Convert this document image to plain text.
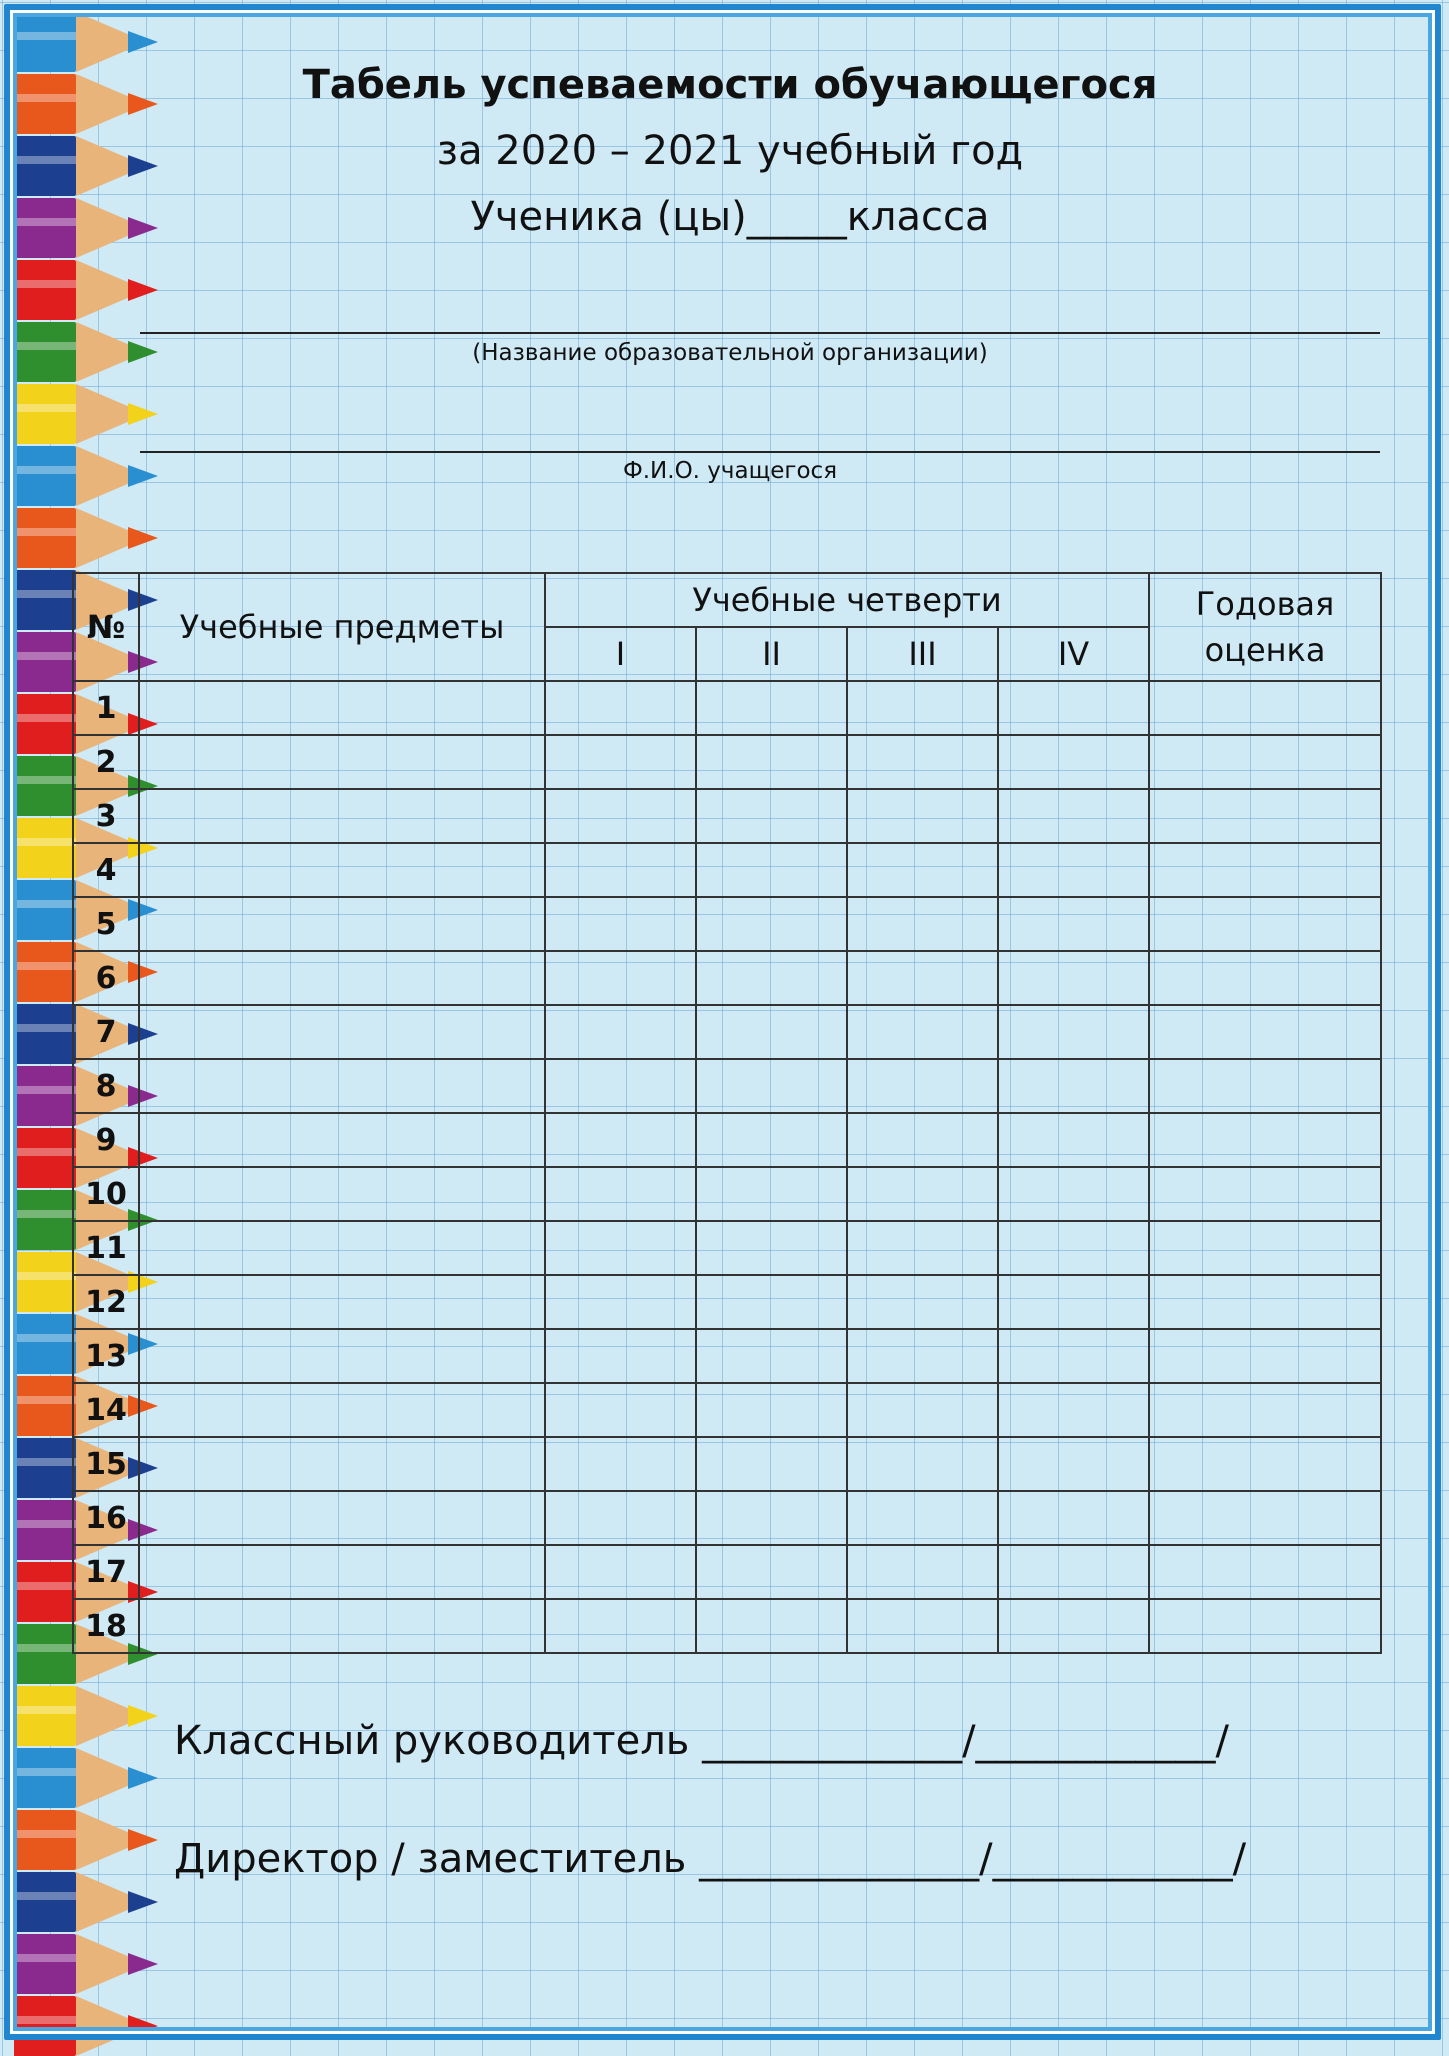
Табель успеваемости обучающегося
за 2020 – 2021 учебный год
Ученика (цы)_____класса
(Название образовательной организации)
Ф.И.О. учащегося
№	Учебные предметы	Учебные четверти				Годовая
оценка

		I	II	III	IV	
1						
2						
3						
4						
5						
6						
7						
8						
9						
10						
11						
12						
13						
14						
15						
16						
17						
18						
Классный руководитель _____________/____________/
Директор / заместитель ______________/____________/
